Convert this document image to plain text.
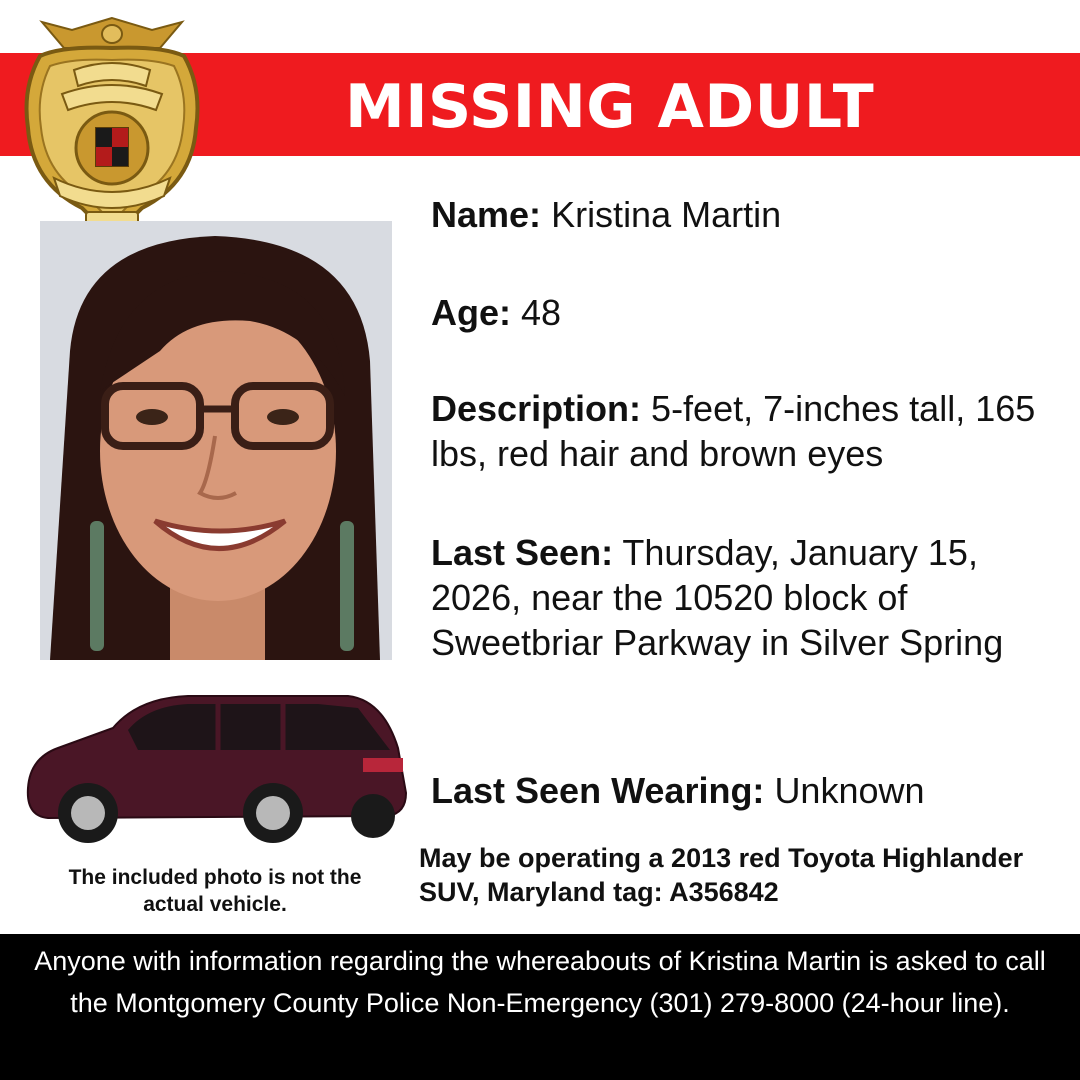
MISSING ADULT
The included photo is not the actual vehicle.
Name: Kristina Martin
Age: 48
Description: 5-feet, 7-inches tall, 165 lbs, red hair and brown eyes
Last Seen: Thursday, January 15, 2026, near the 10520 block of Sweetbriar Parkway in Silver Spring
Last Seen Wearing: Unknown
May be operating a 2013 red Toyota Highlander SUV, Maryland tag: A356842
Anyone with information regarding the whereabouts of Kristina Martin is asked to call the Montgomery County Police Non-Emergency (301) 279-8000 (24-hour line).
